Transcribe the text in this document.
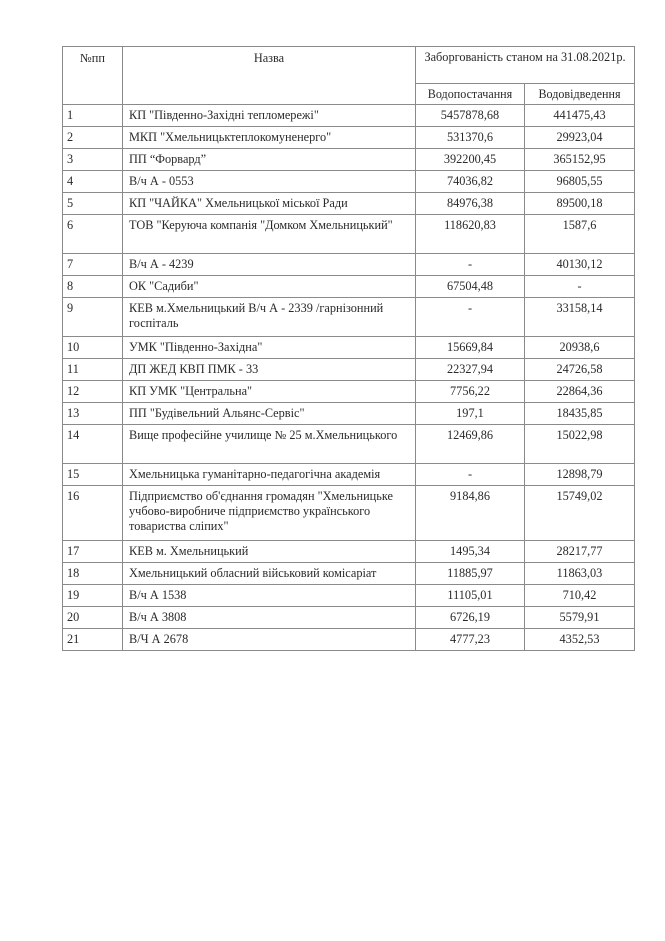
№пп	Назва	Заборгованість станом на 31.08.2021р.	
		Водопостачання	Водовідведення
1	КП "Південно-Західні тепломережі"	5457878,68	441475,43
2	МКП "Хмельницьктеплокомуненерго"	531370,6	29923,04
3	ПП “Форвард”	392200,45	365152,95
4	В/ч А - 0553	74036,82	96805,55
5	КП "ЧАЙКА" Хмельницької міської Ради	84976,38	89500,18
6	ТОВ "Керуюча компанія "Домком Хмельницький"	118620,83	1587,6
7	В/ч А - 4239	-	40130,12
8	ОК "Садиби"	67504,48	-
9	КЕВ м.Хмельницький В/ч А - 2339 /гарнізонний госпіталь	-	33158,14
10	УМК "Південно-Західна"	15669,84	20938,6
11	ДП ЖЕД КВП ПМК - 33	22327,94	24726,58
12	КП УМК "Центральна"	7756,22	22864,36
13	ПП "Будівельний Альянс-Сервіс"	197,1	18435,85
14	Вище професійне училище № 25 м.Хмельницького	12469,86	15022,98
15	Хмельницька гуманітарно-педагогічна академія	-	12898,79
16	Підприємство об'єднання громадян "Хмельницьке учбово-виробниче підприємство українського товариства сліпих"	9184,86	15749,02
17	КЕВ м. Хмельницький	1495,34	28217,77
18	Хмельницький обласний військовий комісаріат	11885,97	11863,03
19	В/ч А 1538	11105,01	710,42
20	В/ч А 3808	6726,19	5579,91
21	В/Ч А 2678	4777,23	4352,53
